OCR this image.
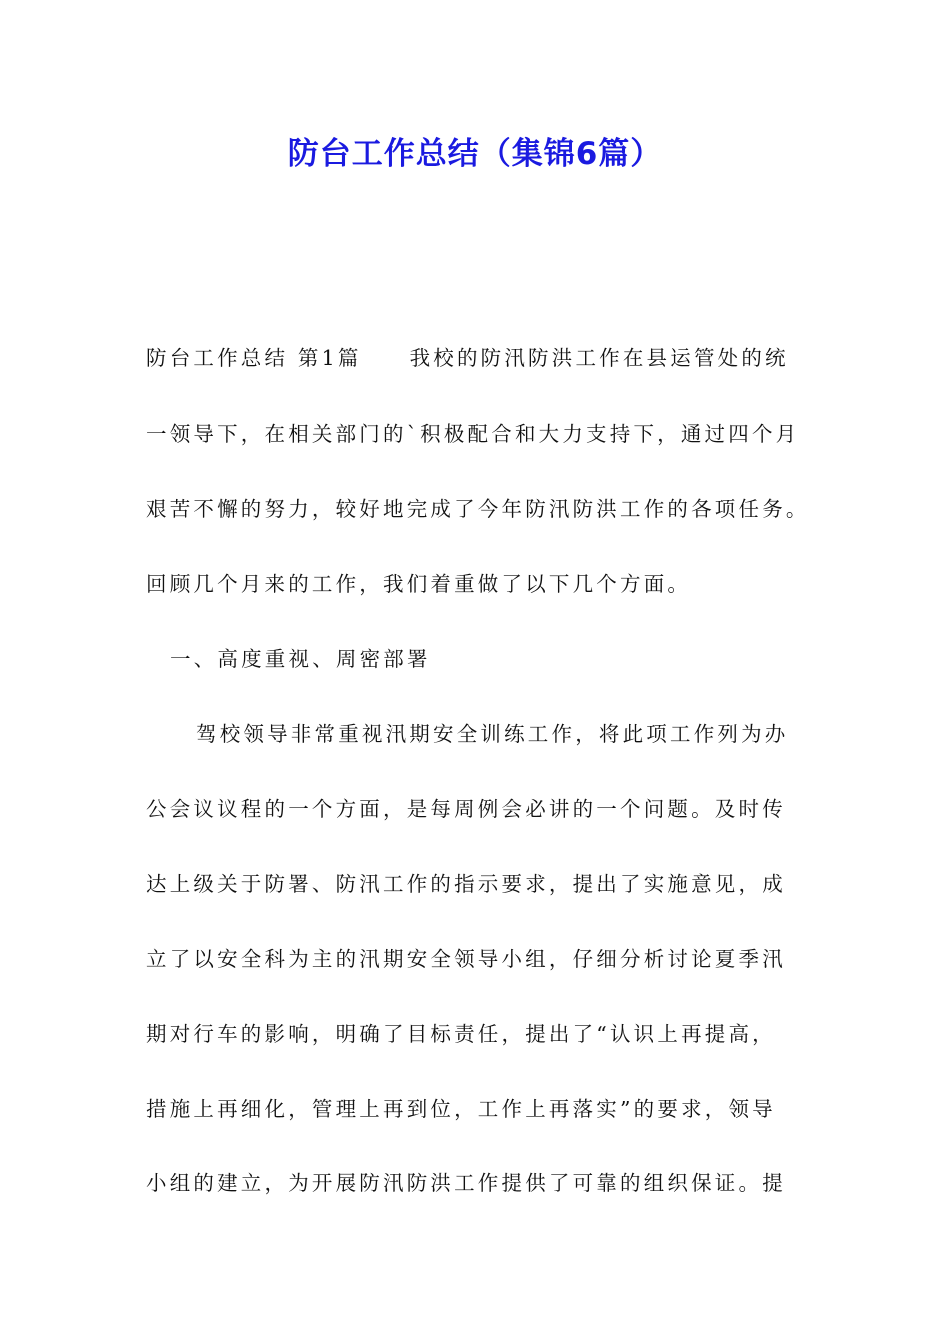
防台工作总结（集锦6篇）
防台工作总结 第1篇 我校的防汛防洪工作在县运管处的统
一领导下，在相关部门的`积极配合和大力支持下，通过四个月
艰苦不懈的努力，较好地完成了今年防汛防洪工作的各项任务。
回顾几个月来的工作，我们着重做了以下几个方面。
一、高度重视、周密部署
驾校领导非常重视汛期安全训练工作，将此项工作列为办
公会议议程的一个方面，是每周例会必讲的一个问题。及时传
达上级关于防署、防汛工作的指示要求，提出了实施意见，成
立了以安全科为主的汛期安全领导小组，仔细分析讨论夏季汛
期对行车的影响，明确了目标责任，提出了“认识上再提高，
措施上再细化，管理上再到位，工作上再落实”的要求，领导
小组的建立，为开展防汛防洪工作提供了可靠的组织保证。提
